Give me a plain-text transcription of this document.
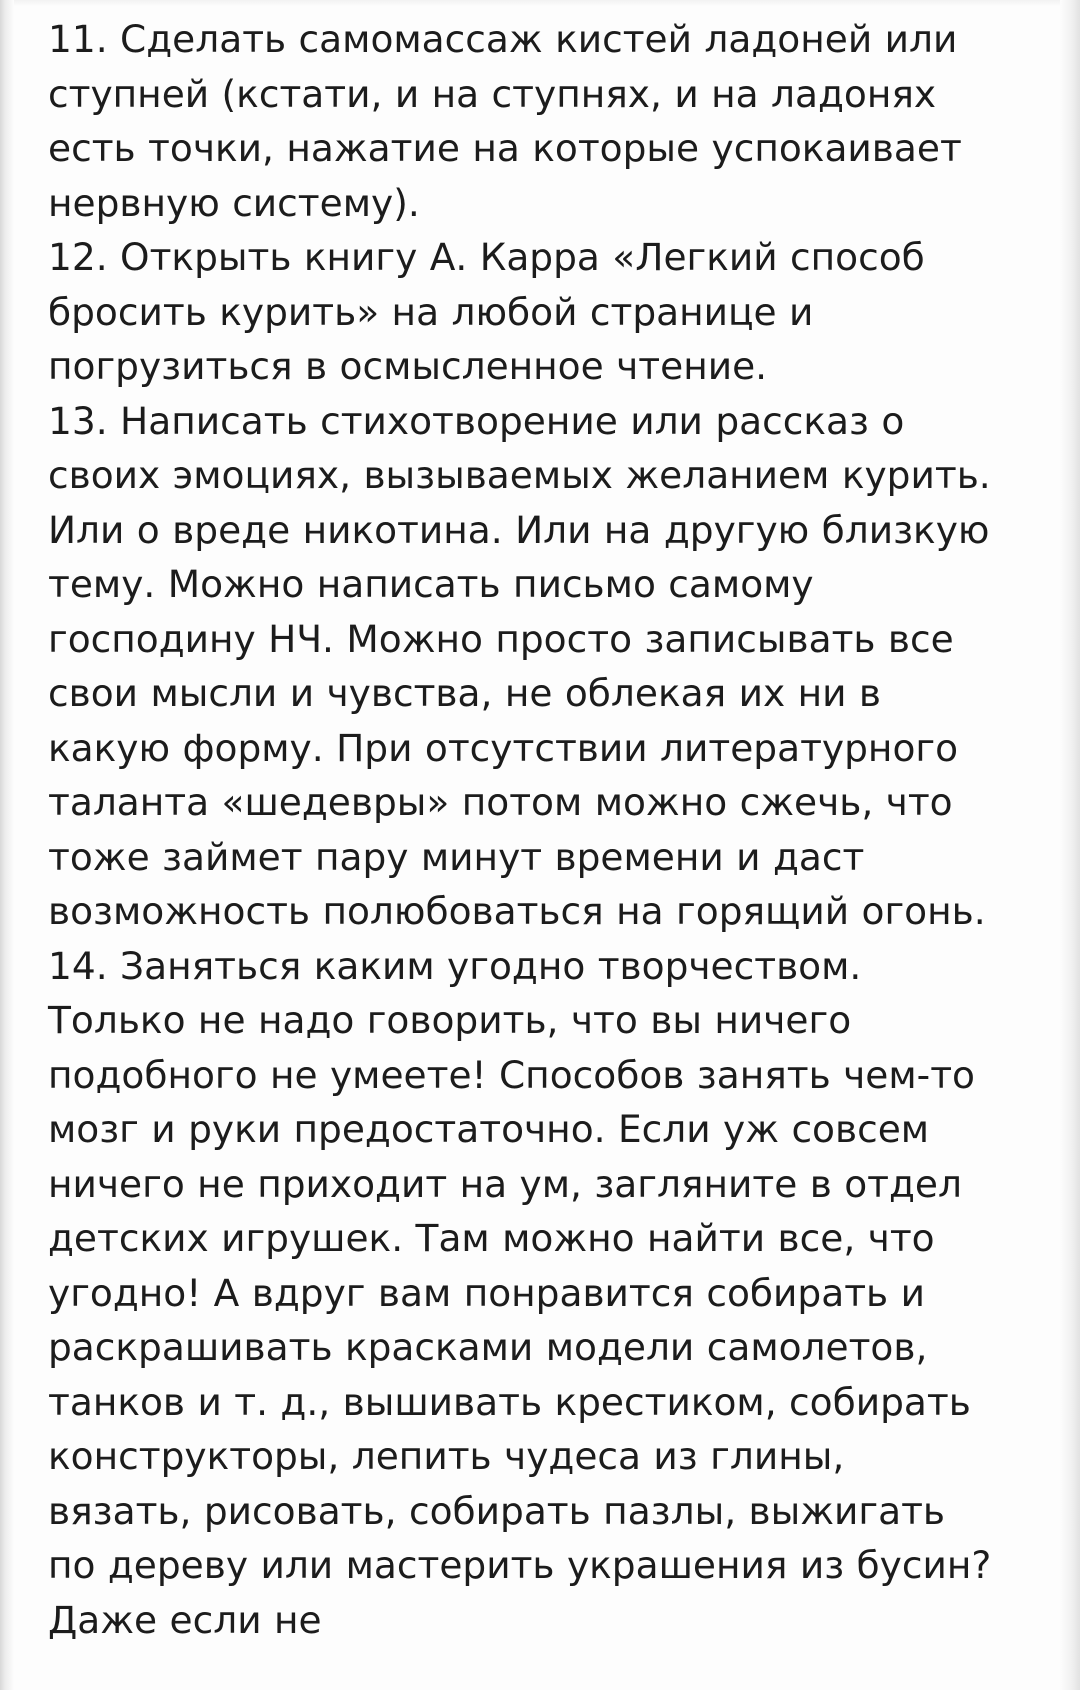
11. Сделать самомассаж кистей ладоней или ступней (кстати, и на ступнях, и на ладонях есть точки, нажатие на которые успокаивает нервную систему).

12. Открыть книгу А. Карра «Легкий способ бросить курить» на любой странице и погрузиться в осмысленное чтение.

13. Написать стихотворение или рассказ о своих эмоциях, вызываемых желанием курить. Или о вреде никотина. Или на другую близкую тему. Можно написать письмо самому господину НЧ. Можно просто записывать все свои мысли и чувства, не облекая их ни в какую форму. При отсутствии литературного таланта «шедевры» потом можно сжечь, что тоже займет пару минут времени и даст возможность полюбоваться на горящий огонь.

14. Заняться каким угодно творчеством. Только не надо говорить, что вы ничего подобного не умеете! Способов занять чем-то мозг и руки предостаточно. Если уж совсем ничего не приходит на ум, загляните в отдел детских игрушек. Там можно найти все, что угодно! А вдруг вам понравится собирать и раскрашивать красками модели самолетов, танков и т. д., вышивать крестиком, собирать конструкторы, лепить чудеса из глины, вязать, рисовать, собирать пазлы, выжигать по дереву или мастерить украшения из бусин? Даже если не
